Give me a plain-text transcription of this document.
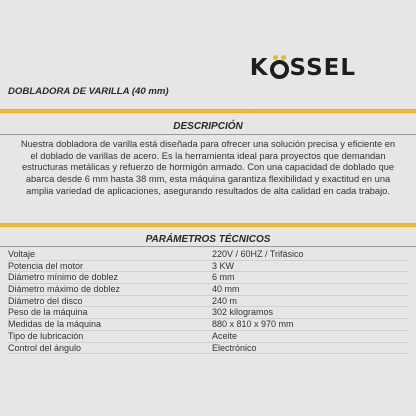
K SSEL
DOBLADORA DE VARILLA (40 mm)
DESCRIPCIÓN
Nuestra dobladora de varilla está diseñada para ofrecer una solución precisa y eficiente en el doblado de varillas de acero. Es la herramienta ideal para proyectos que demandan estructuras metálicas y refuerzo de hormigón armado. Con una capacidad de doblado que abarca desde 6 mm hasta 38 mm, esta máquina garantiza flexibilidad y exactitud en una amplia variedad de aplicaciones, asegurando resultados de alta calidad en cada trabajo.
PARÁMETROS TÉCNICOS
Voltaje	220V / 60HZ / Trifásico
Potencia del motor	3 KW
Diámetro mínimo de doblez	6 mm
Diámetro máximo de doblez	40 mm
Diámetro del disco	240 m
Peso de la máquina	302 kilogramos
Medidas de la máquina	880 x 810 x 970 mm
Tipo de lubricación	Aceite
Control del ángulo	Electrónico
